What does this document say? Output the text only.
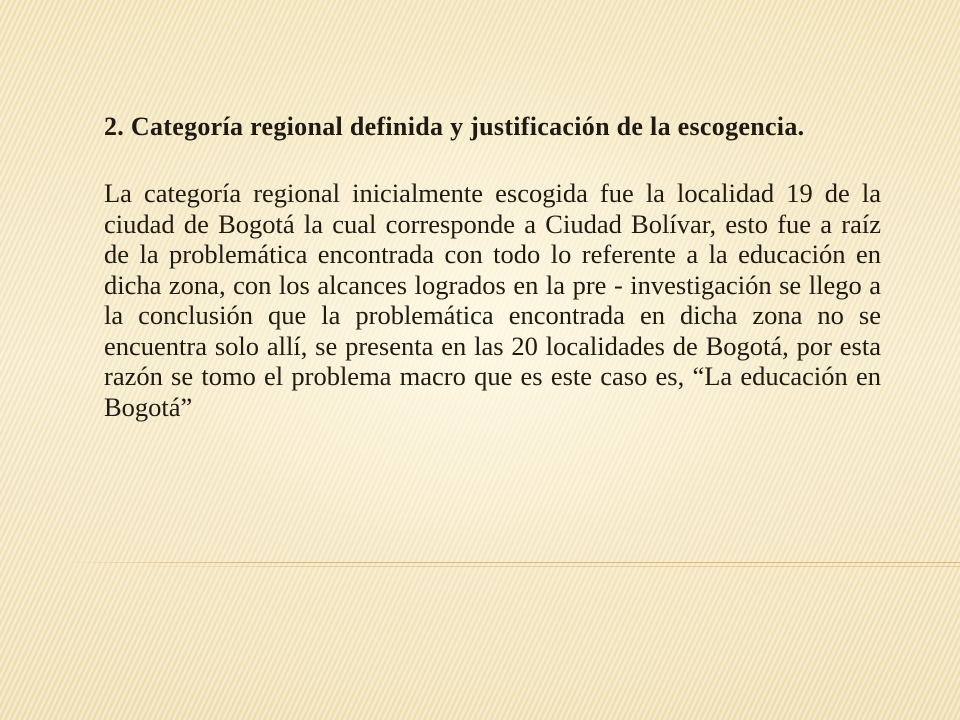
2. Categoría regional definida y justificación de la escogencia.

La categoría regional inicialmente escogida fue la localidad 19 de la ciudad de Bogotá la cual corresponde a Ciudad Bolívar, esto fue a raíz de la problemática encontrada con todo lo referente a la educación en dicha zona, con los alcances logrados en la pre - investigación se llego a la conclusión que la problemática encontrada en dicha zona no se encuentra solo allí, se presenta en las 20 localidades de Bogotá, por esta razón se tomo el problema macro que es este caso es, “La educación en Bogotá”
